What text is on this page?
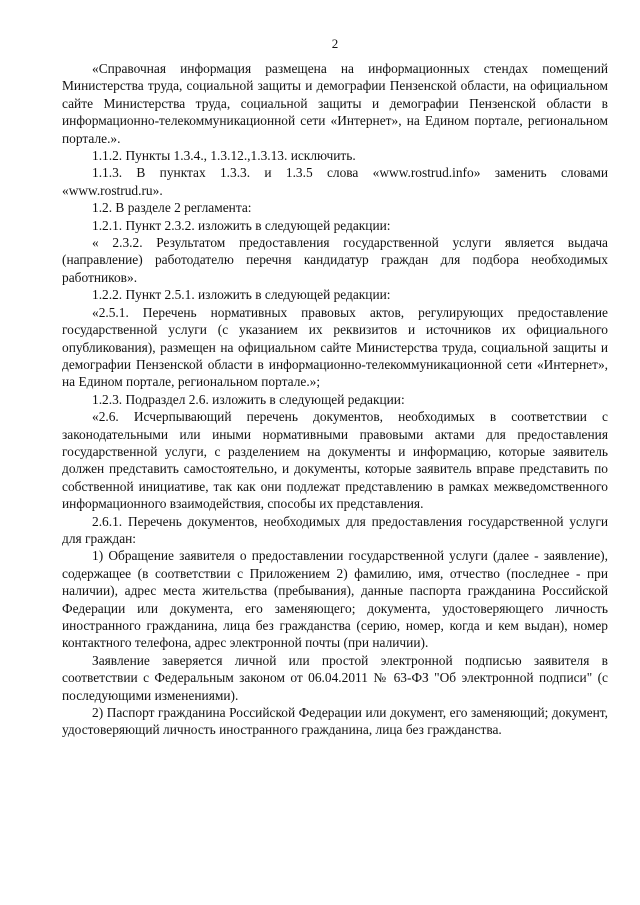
2

«Справочная информация размещена на информационных стендах помещений Министерства труда, социальной защиты и демографии Пензенской области, на официальном сайте Министерства труда, социальной защиты и демографии Пензенской области в информационно-телекоммуникационной сети «Интернет», на Едином портале, региональном портале.».

1.1.2. Пункты 1.3.4., 1.3.12.,1.3.13. исключить.

1.1.3. В пунктах 1.3.3. и 1.3.5 слова «www.rostrud.info» заменить словами «www.rostrud.ru».

1.2. В разделе 2 регламента:

1.2.1. Пункт 2.3.2. изложить в следующей редакции:

« 2.3.2. Результатом предоставления государственной услуги является выдача (направление) работодателю перечня кандидатур граждан для подбора необходимых работников».

1.2.2. Пункт 2.5.1. изложить в следующей редакции:

«2.5.1. Перечень нормативных правовых актов, регулирующих предоставление государственной услуги (с указанием их реквизитов и источников их официального опубликования), размещен на официальном сайте Министерства труда, социальной защиты и демографии Пензенской области в информационно-телекоммуникационной сети «Интернет», на Едином портале, региональном портале.»;

1.2.3. Подраздел 2.6. изложить в следующей редакции:

«2.6. Исчерпывающий перечень документов, необходимых в соответствии с законодательными или иными нормативными правовыми актами для предоставления государственной услуги, с разделением на документы и информацию, которые заявитель должен представить самостоятельно, и документы, которые заявитель вправе представить по собственной инициативе, так как они подлежат представлению в рамках межведомственного информационного взаимодействия, способы их представления.

2.6.1. Перечень документов, необходимых для предоставления государственной услуги для граждан:

1) Обращение заявителя о предоставлении государственной услуги (далее - заявление), содержащее (в соответствии с Приложением 2) фамилию, имя, отчество (последнее - при наличии), адрес места жительства (пребывания), данные паспорта гражданина Российской Федерации или документа, его заменяющего; документа, удостоверяющего личность иностранного гражданина, лица без гражданства (серию, номер, когда и кем выдан), номер контактного телефона, адрес электронной почты (при наличии).

Заявление заверяется личной или простой электронной подписью заявителя в соответствии с Федеральным законом от 06.04.2011 № 63-ФЗ "Об электронной подписи" (с последующими изменениями).

2) Паспорт гражданина Российской Федерации или документ, его заменяющий; документ, удостоверяющий личность иностранного гражданина, лица без гражданства.
